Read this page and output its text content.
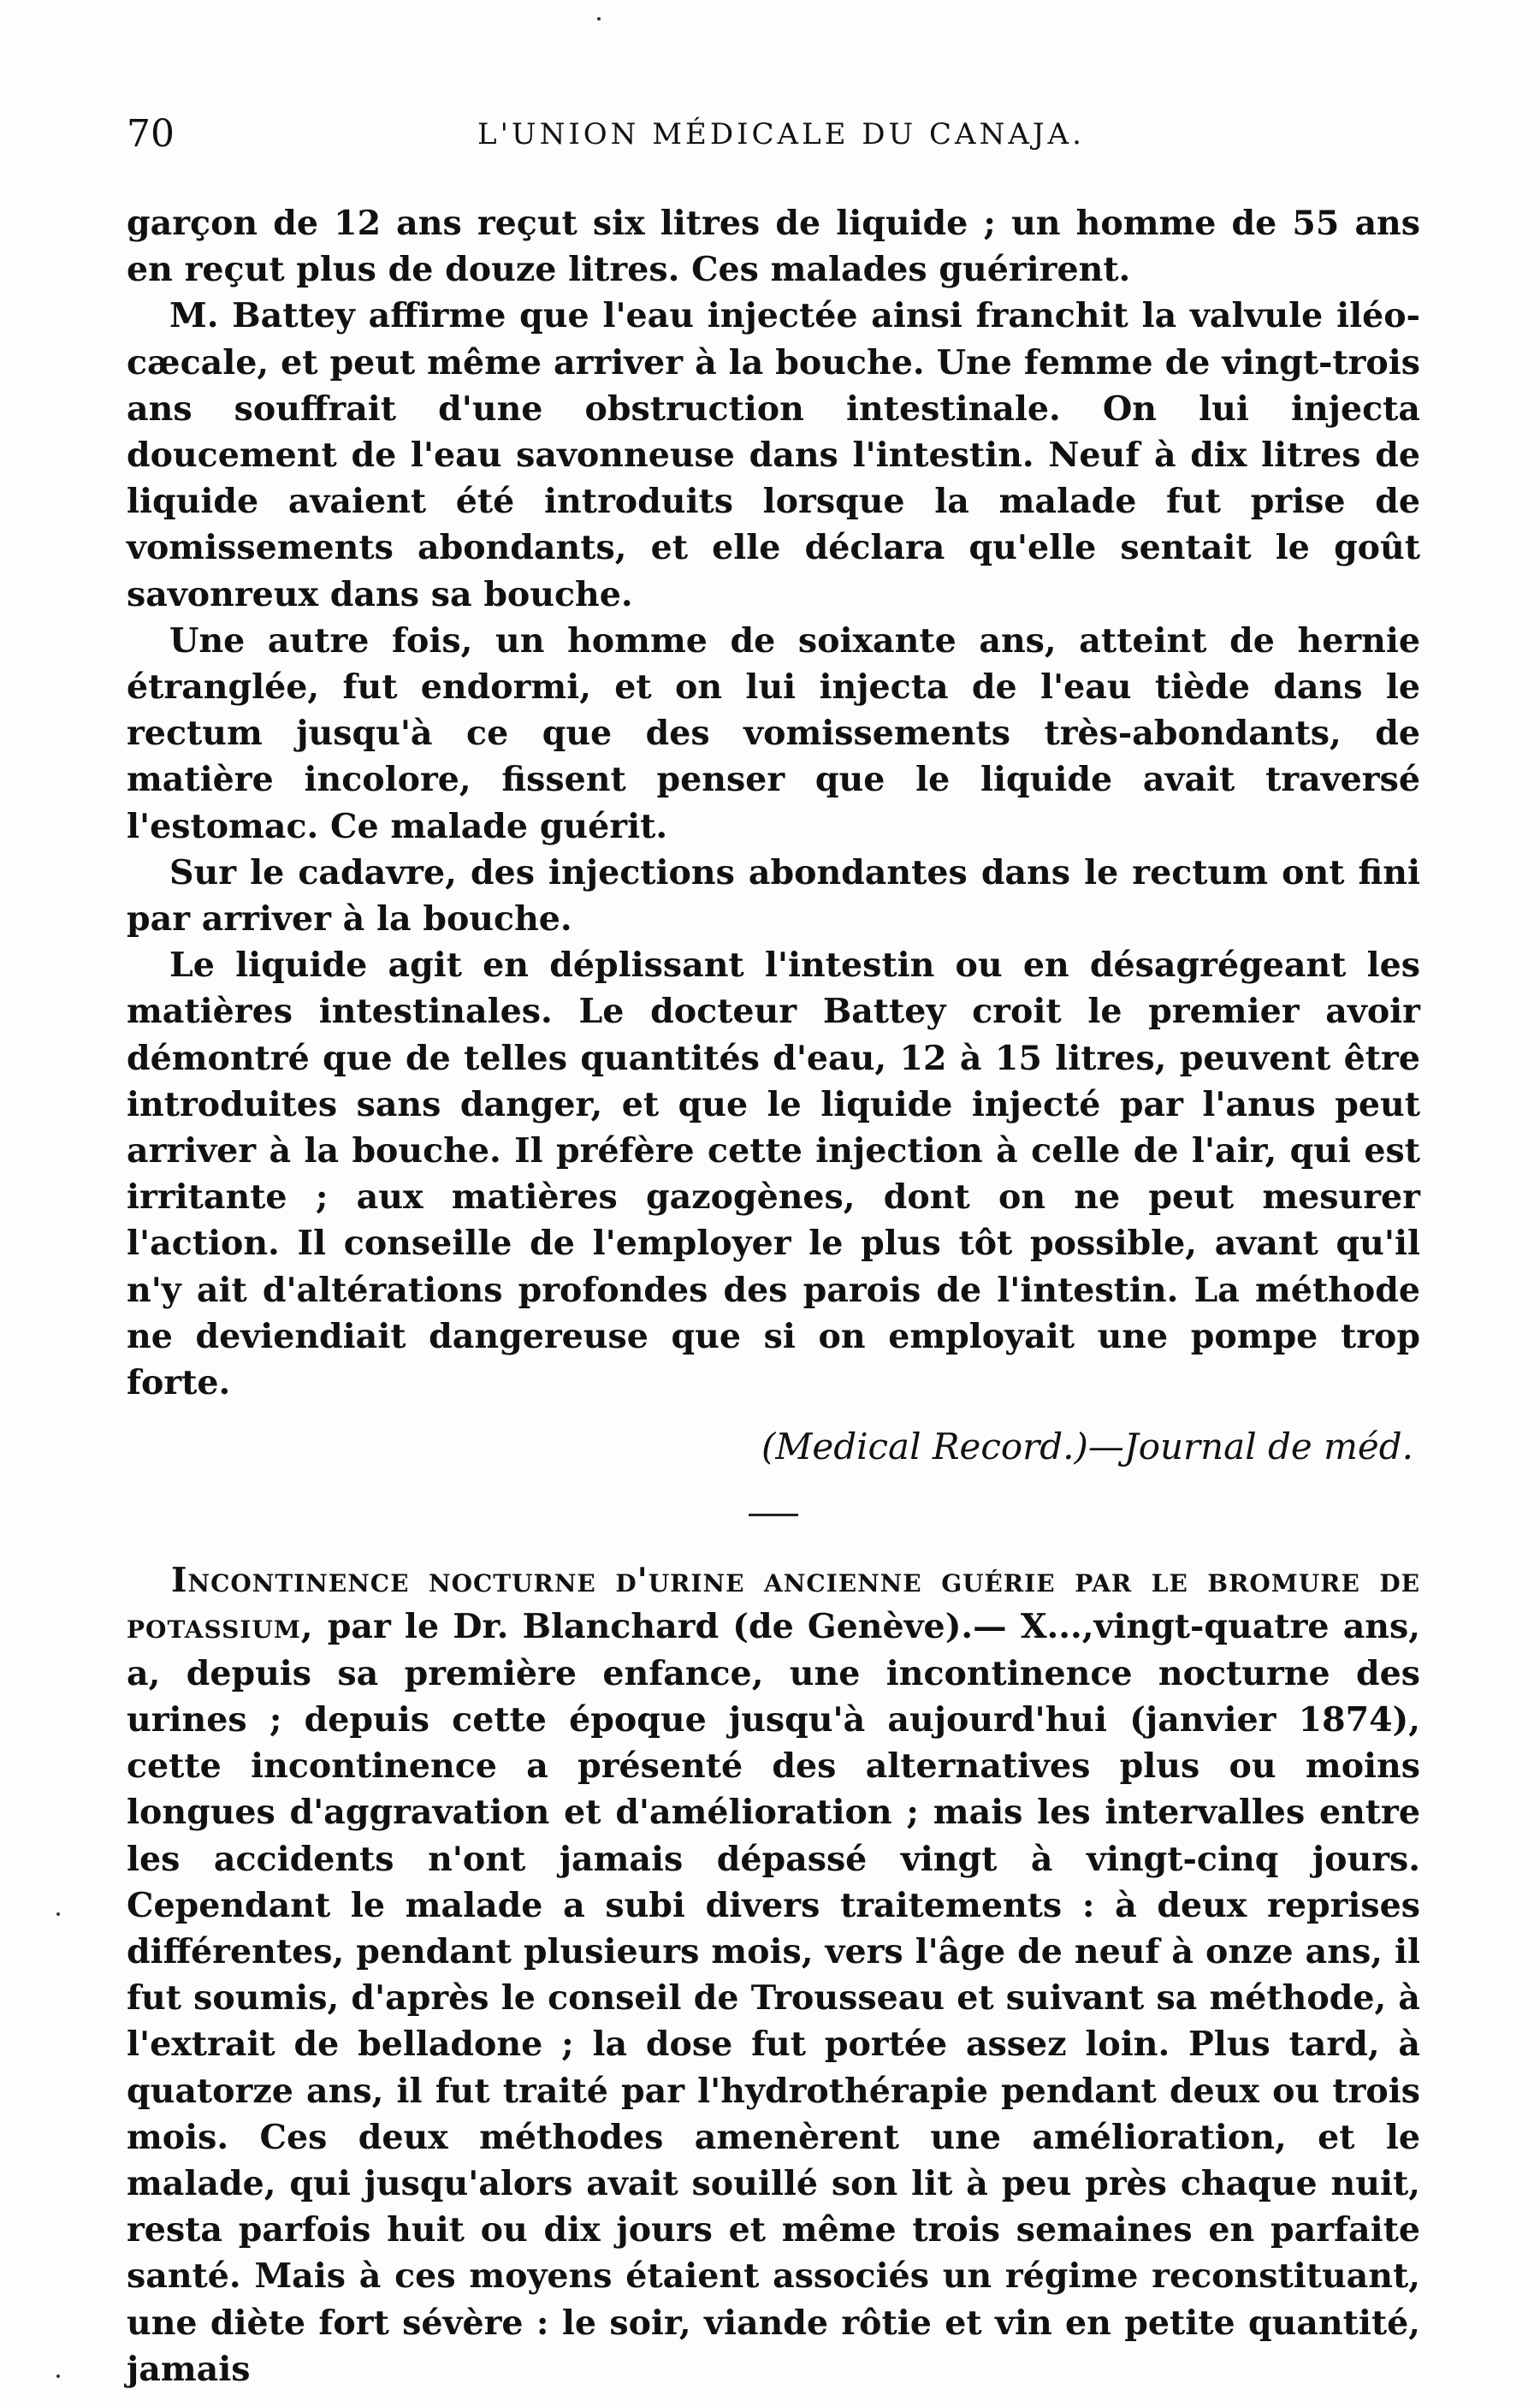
70	L'UNION MÉDICALE DU CANAJA.

garçon de 12 ans reçut six litres de liquide ; un homme de 55 ans en reçut plus de douze litres. Ces malades guérirent.

M. Battey affirme que l'eau injectée ainsi franchit la valvule iléo-cæcale, et peut même arriver à la bouche. Une femme de vingt-trois ans souffrait d'une obstruction intestinale. On lui injecta doucement de l'eau savonneuse dans l'intestin. Neuf à dix litres de liquide avaient été introduits lorsque la malade fut prise de vomissements abondants, et elle déclara qu'elle sentait le goût savonreux dans sa bouche.

Une autre fois, un homme de soixante ans, atteint de hernie étranglée, fut endormi, et on lui injecta de l'eau tiède dans le rectum jusqu'à ce que des vomissements très-abondants, de matière incolore, fissent penser que le liquide avait traversé l'estomac. Ce malade guérit.

Sur le cadavre, des injections abondantes dans le rectum ont fini par arriver à la bouche.

Le liquide agit en déplissant l'intestin ou en désagrégeant les matières intestinales. Le docteur Battey croit le premier avoir démontré que de telles quantités d'eau, 12 à 15 litres, peuvent être introduites sans danger, et que le liquide injecté par l'anus peut arriver à la bouche. Il préfère cette injection à celle de l'air, qui est irritante ; aux matières gazogènes, dont on ne peut mesurer l'action. Il conseille de l'employer le plus tôt possible, avant qu'il n'y ait d'altérations profondes des parois de l'intestin. La méthode ne deviendiait dangereuse que si on employait une pompe trop forte.

(Medical Record.)—Journal de méd.

Incontinence nocturne d'urine ancienne guérie par le bromure de potassium, par le Dr. Blanchard (de Genève).— X...,vingt-quatre ans, a, depuis sa première enfance, une incontinence nocturne des urines ; depuis cette époque jusqu'à aujourd'hui (janvier 1874), cette incontinence a présenté des alternatives plus ou moins longues d'aggravation et d'amélioration ; mais les intervalles entre les accidents n'ont jamais dépassé vingt à vingt-cinq jours. Cependant le malade a subi divers traitements : à deux reprises différentes, pendant plusieurs mois, vers l'âge de neuf à onze ans, il fut soumis, d'après le conseil de Trousseau et suivant sa méthode, à l'extrait de belladone ; la dose fut portée assez loin. Plus tard, à quatorze ans, il fut traité par l'hydrothérapie pendant deux ou trois mois. Ces deux méthodes amenèrent une amélioration, et le malade, qui jusqu'alors avait souillé son lit à peu près chaque nuit, resta parfois huit ou dix jours et même trois semaines en parfaite santé. Mais à ces moyens étaient associés un régime reconstituant, une diète fort sévère : le soir, viande rôtie et vin en petite quantité, jamais
